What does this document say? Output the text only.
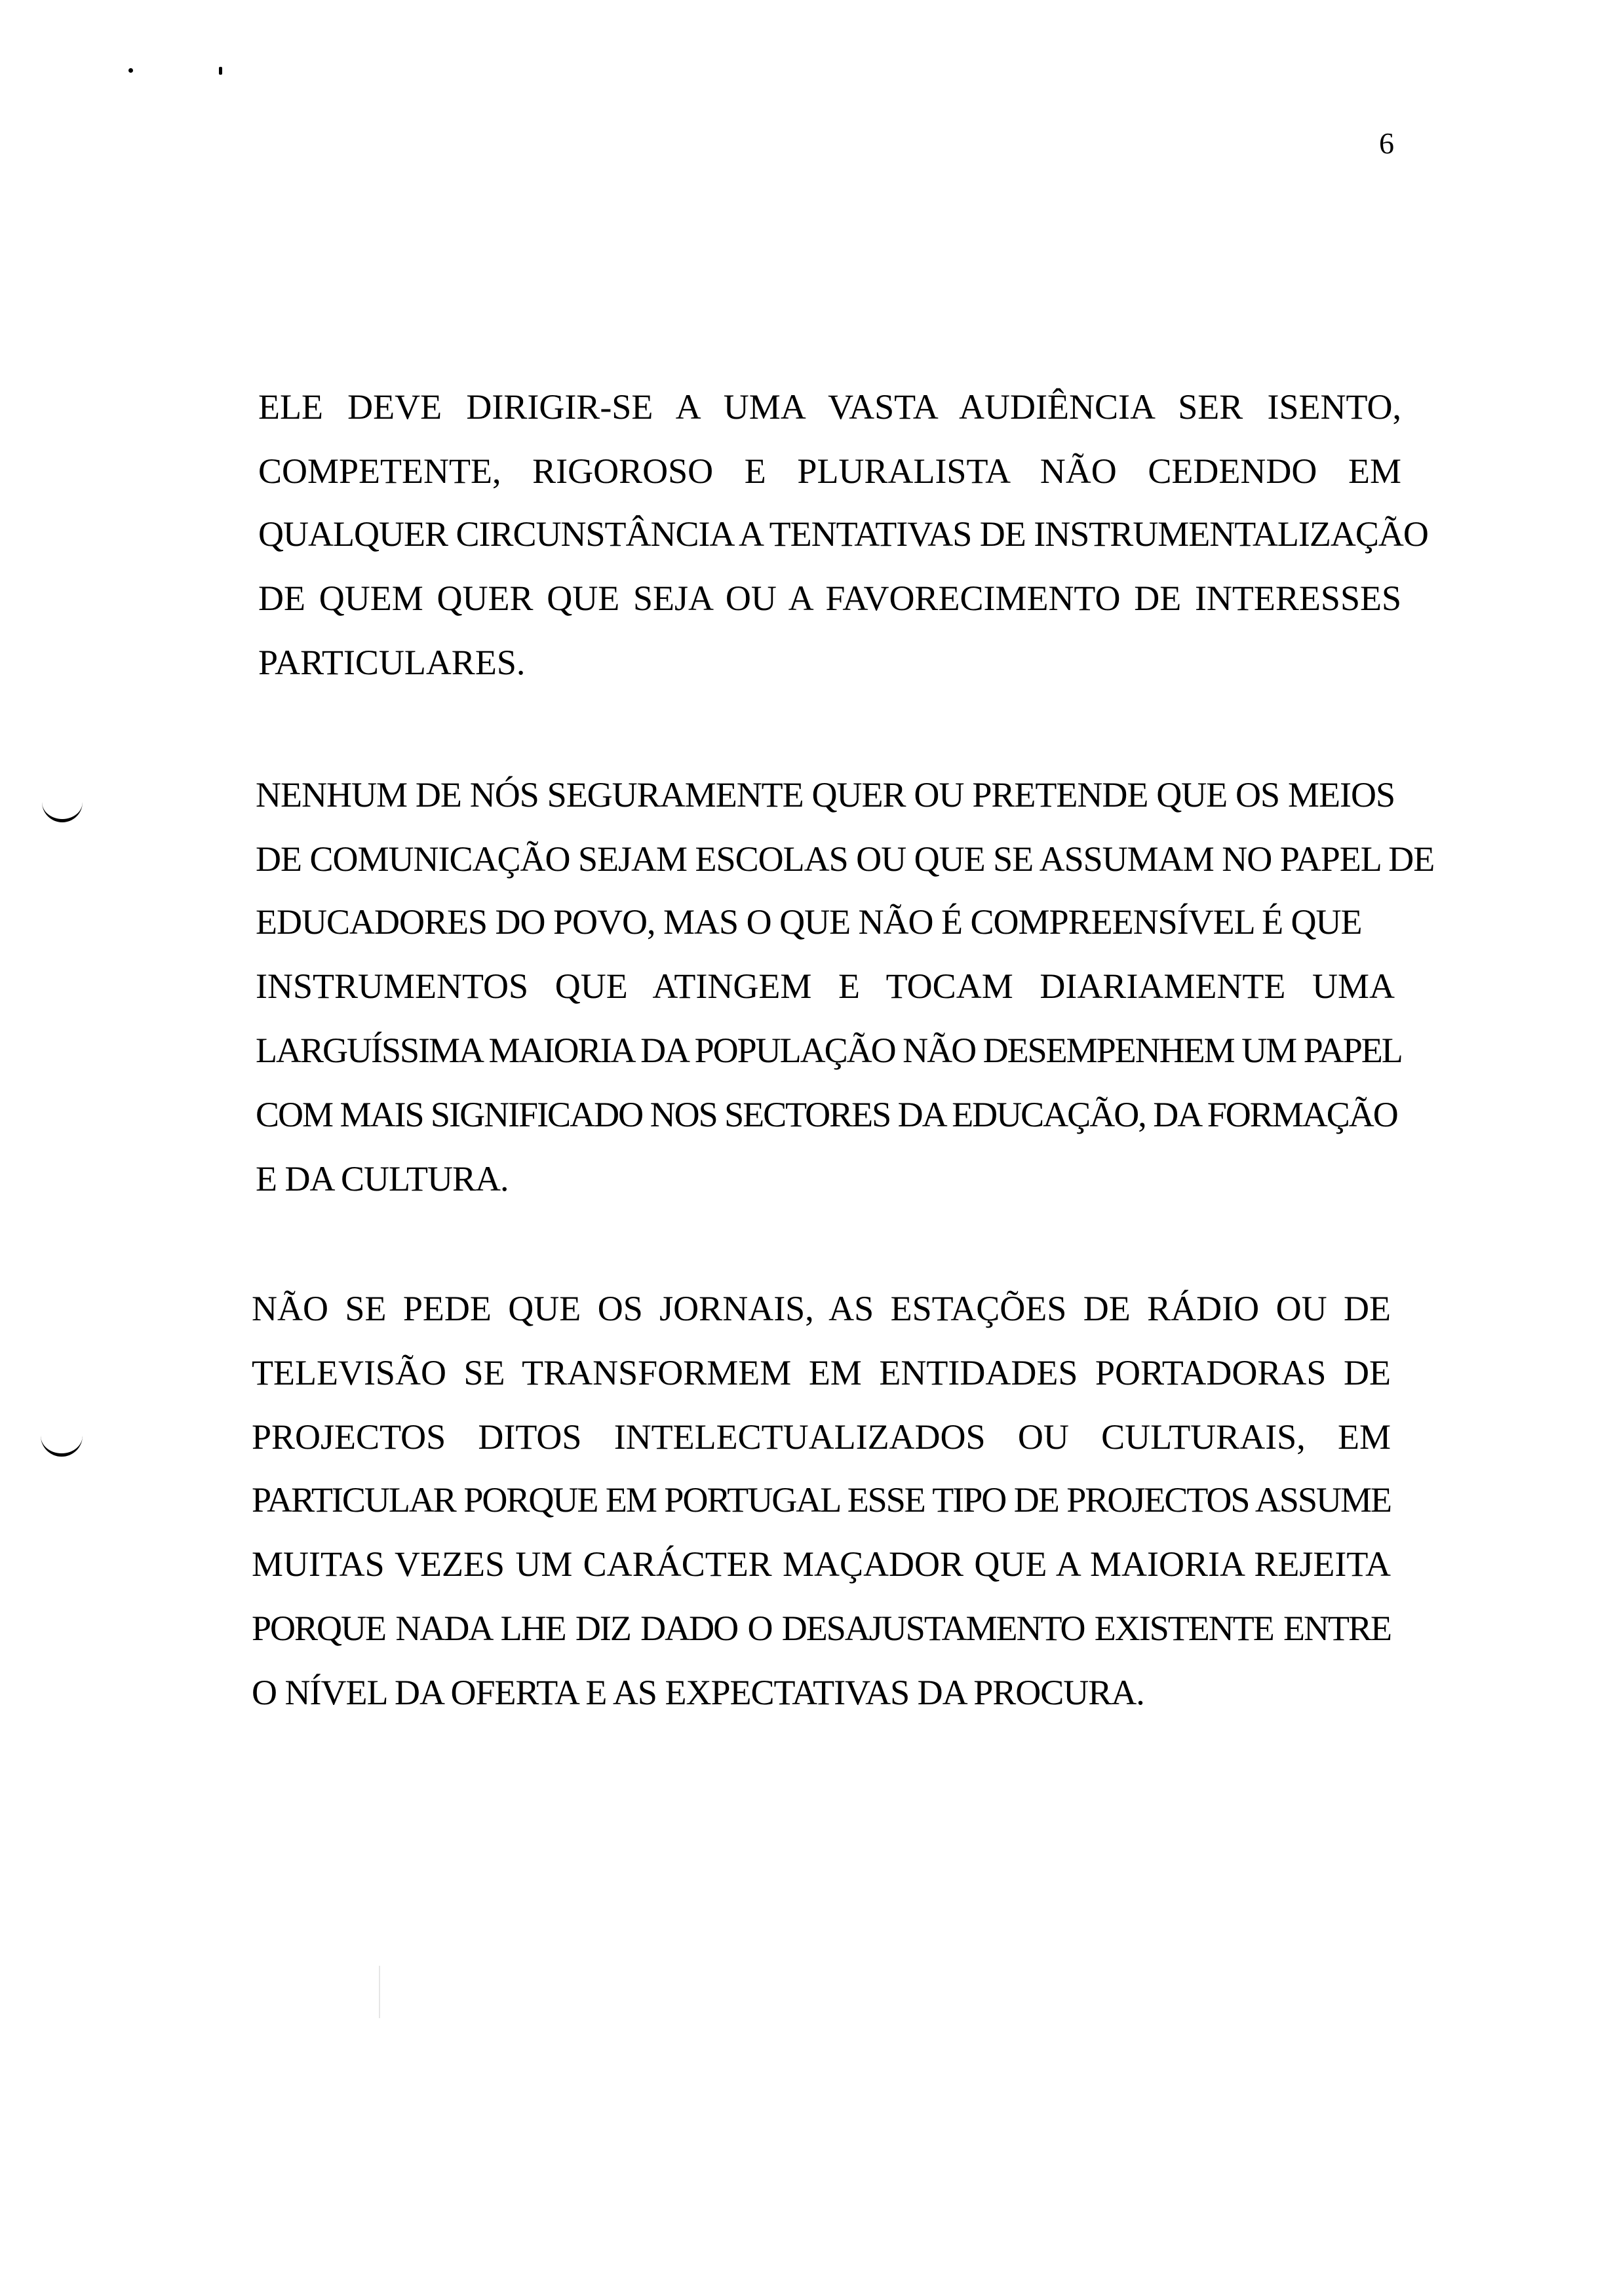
6
ELE DEVE DIRIGIR-SE A UMA VASTA AUDIÊNCIA SER ISENTO,
COMPETENTE, RIGOROSO E PLURALISTA NÃO CEDENDO EM
QUALQUER CIRCUNSTÂNCIA A TENTATIVAS DE INSTRUMENTALIZAÇÃO
DE QUEM QUER QUE SEJA OU A FAVORECIMENTO DE INTERESSES
PARTICULARES.
NENHUM DE NÓS SEGURAMENTE QUER OU PRETENDE QUE OS MEIOS
DE COMUNICAÇÃO SEJAM ESCOLAS OU QUE SE ASSUMAM NO PAPEL DE
EDUCADORES DO POVO, MAS O QUE NÃO É COMPREENSÍVEL É QUE
INSTRUMENTOS QUE ATINGEM E TOCAM DIARIAMENTE UMA
LARGUÍSSIMA MAIORIA DA POPULAÇÃO NÃO DESEMPENHEM UM PAPEL
COM MAIS SIGNIFICADO NOS SECTORES DA EDUCAÇÃO, DA FORMAÇÃO
E DA CULTURA.
NÃO SE PEDE QUE OS JORNAIS, AS ESTAÇÕES DE RÁDIO OU DE
TELEVISÃO SE TRANSFORMEM EM ENTIDADES PORTADORAS DE
PROJECTOS DITOS INTELECTUALIZADOS OU CULTURAIS, EM
PARTICULAR PORQUE EM PORTUGAL ESSE TIPO DE PROJECTOS ASSUME
MUITAS VEZES UM CARÁCTER MAÇADOR QUE A MAIORIA REJEITA
PORQUE NADA LHE DIZ DADO O DESAJUSTAMENTO EXISTENTE ENTRE
O NÍVEL DA OFERTA E AS EXPECTATIVAS DA PROCURA.
